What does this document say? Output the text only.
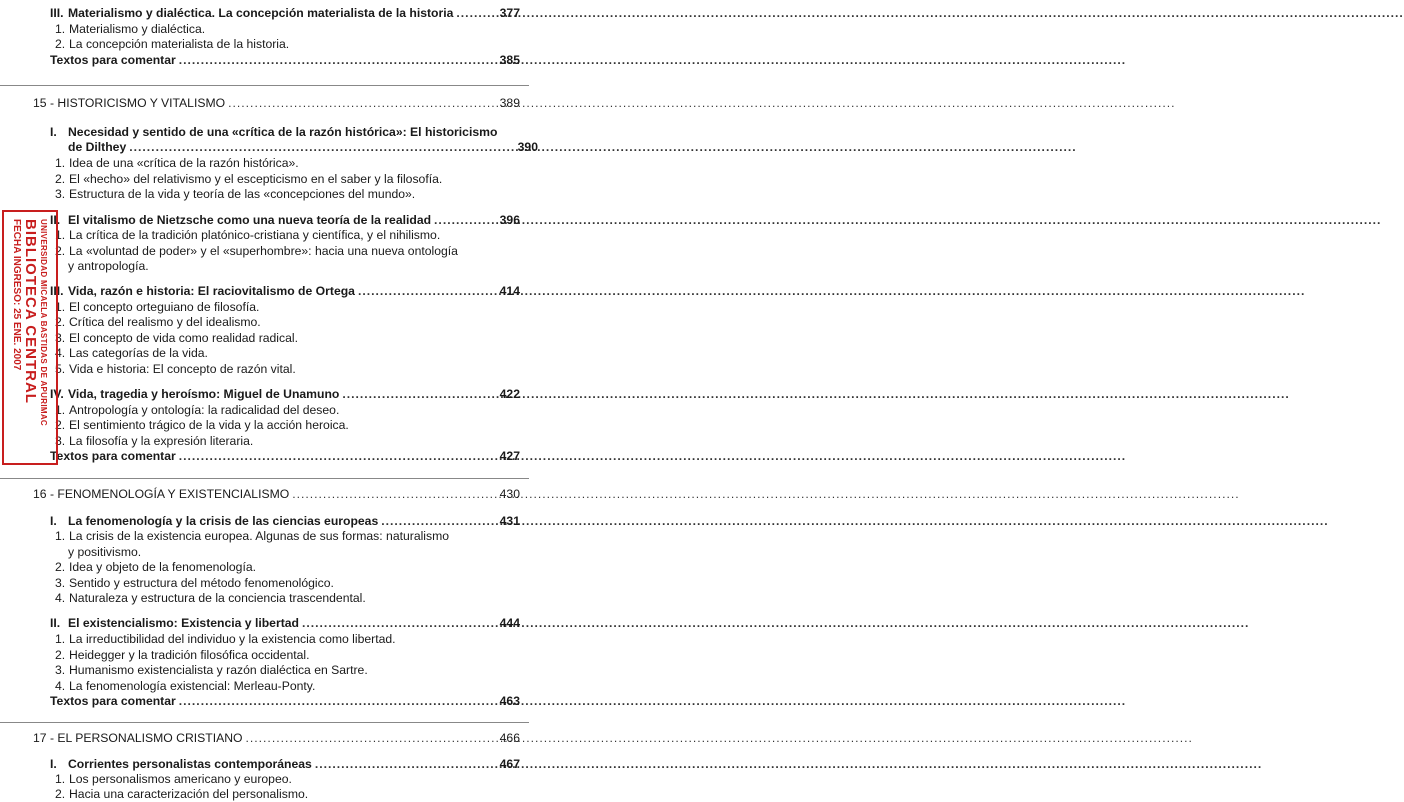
III. Materialismo y dialéctica. La concepción materialista de la historia .....	377
1. Materialismo y dialéctica.
2. La concepción materialista de la historia.
Textos para comentar .....	385
15 - HISTORICISMO Y VITALISMO .....	389
I. Necesidad y sentido de una «crítica de la razón histórica»: El historicismo
de Dilthey .....	390
1. Idea de una «crítica de la razón histórica».
2. El «hecho» del relativismo y el escepticismo en el saber y la filosofía.
3. Estructura de la vida y teoría de las «concepciones del mundo».
II. El vitalismo de Nietzsche como una nueva teoría de la realidad .....	396
1. La crítica de la tradición platónico-cristiana y científica, y el nihilismo.
2. La «voluntad de poder» y el «superhombre»: hacia una nueva ontología
y antropología.
III. Vida, razón e historia: El raciovitalismo de Ortega .....	414
1. El concepto orteguiano de filosofía.
2. Crítica del realismo y del idealismo.
3. El concepto de vida como realidad radical.
4. Las categorías de la vida.
5. Vida e historia: El concepto de razón vital.
IV. Vida, tragedia y heroísmo: Miguel de Unamuno .....	422
1. Antropología y ontología: la radicalidad del deseo.
2. El sentimiento trágico de la vida y la acción heroica.
3. La filosofía y la expresión literaria.
Textos para comentar .....	427
16 - FENOMENOLOGÍA Y EXISTENCIALISMO .....	430
I. La fenomenología y la crisis de las ciencias europeas .....	431
1. La crisis de la existencia europea. Algunas de sus formas: naturalismo
y positivismo.
2. Idea y objeto de la fenomenología.
3. Sentido y estructura del método fenomenológico.
4. Naturaleza y estructura de la conciencia trascendental.
II. El existencialismo: Existencia y libertad .....	444
1. La irreductibilidad del individuo y la existencia como libertad.
2. Heidegger y la tradición filosófica occidental.
3. Humanismo existencialista y razón dialéctica en Sartre.
4. La fenomenología existencial: Merleau-Ponty.
Textos para comentar .....	463
17 - EL PERSONALISMO CRISTIANO .....	466
I. Corrientes personalistas contemporáneas .....	467
1. Los personalismos americano y europeo.
2. Hacia una caracterización del personalismo.
UNIVERSIDAD MICAELA BASTIDAS DE APURIMAC
BIBLIOTECA CENTRAL
FECHA INGRESO: 25 ENE. 2007
